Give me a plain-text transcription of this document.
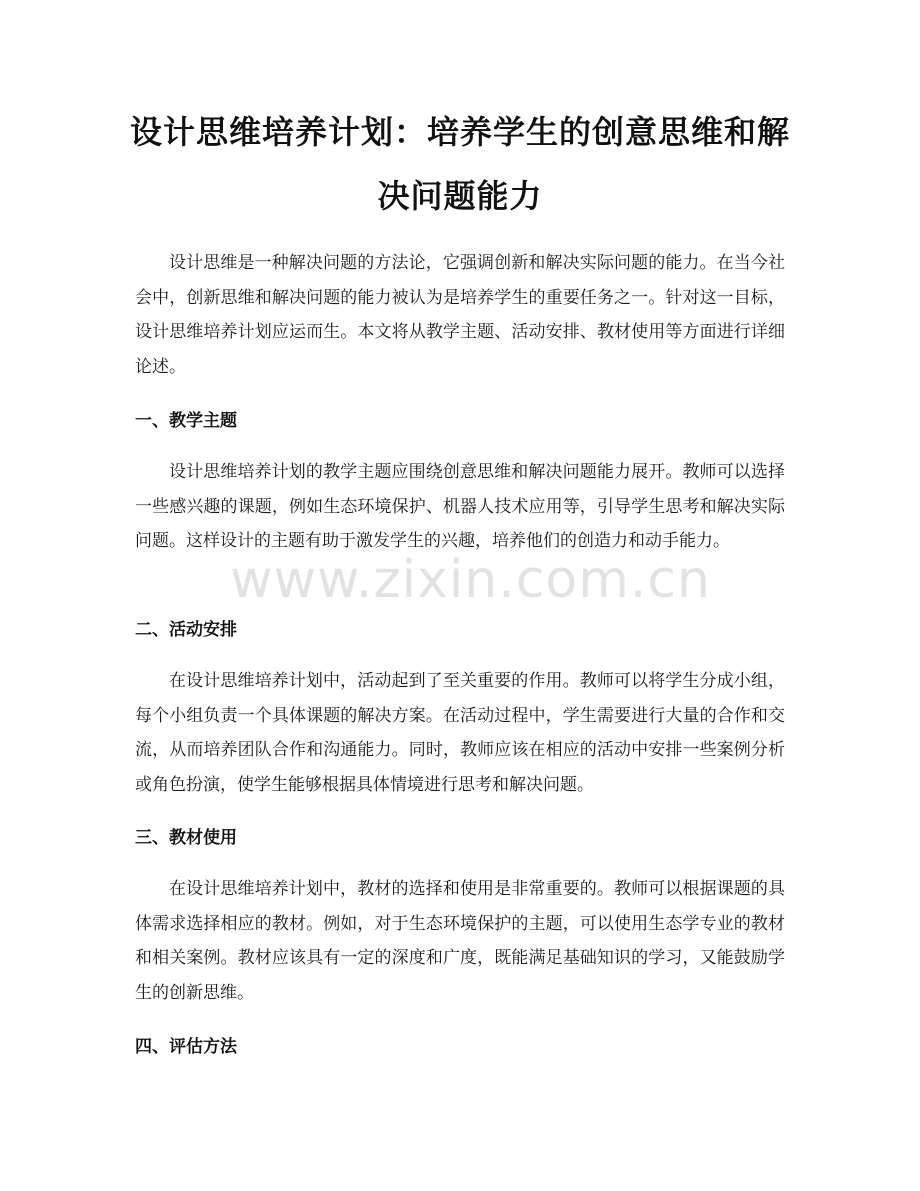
设计思维培养计划：培养学生的创意思维和解决问题能力

设计思维是一种解决问题的方法论，它强调创新和解决实际问题的能力。在当今社会中，创新思维和解决问题的能力被认为是培养学生的重要任务之一。针对这一目标，设计思维培养计划应运而生。本文将从教学主题、活动安排、教材使用等方面进行详细论述。

一、教学主题

设计思维培养计划的教学主题应围绕创意思维和解决问题能力展开。教师可以选择一些感兴趣的课题，例如生态环境保护、机器人技术应用等，引导学生思考和解决实际问题。这样设计的主题有助于激发学生的兴趣，培养他们的创造力和动手能力。

二、活动安排

在设计思维培养计划中，活动起到了至关重要的作用。教师可以将学生分成小组，每个小组负责一个具体课题的解决方案。在活动过程中，学生需要进行大量的合作和交流，从而培养团队合作和沟通能力。同时，教师应该在相应的活动中安排一些案例分析或角色扮演，使学生能够根据具体情境进行思考和解决问题。

三、教材使用

在设计思维培养计划中，教材的选择和使用是非常重要的。教师可以根据课题的具体需求选择相应的教材。例如，对于生态环境保护的主题，可以使用生态学专业的教材和相关案例。教材应该具有一定的深度和广度，既能满足基础知识的学习，又能鼓励学生的创新思维。

四、评估方法
www.zixin.com.cn
